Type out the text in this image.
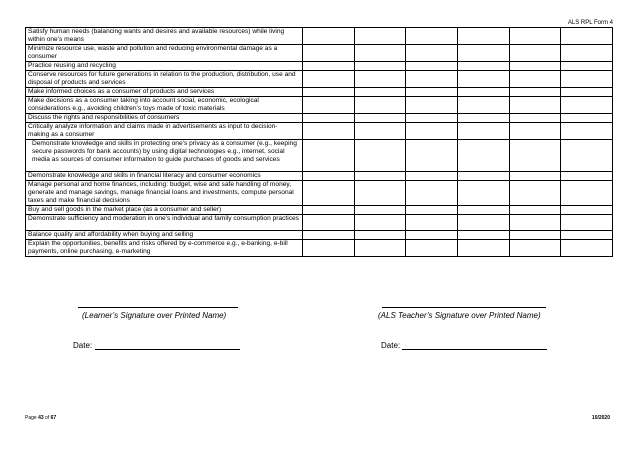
ALS RPL Form 4
Satisfy human needs (balancing wants and desires and available resources) while living within one’s means						
Minimize resource use, waste and pollution and reducing environmental damage as a consumer						
Practice reusing and recycling						
Conserve resources for future generations in relation to the production, distribution, use and disposal of products and services						
Make informed choices as a consumer of products and services						
Make decisions as a consumer taking into account social, economic, ecological considerations e.g., avoiding children’s toys made of toxic materials						
Discuss the rights and responsibilities of consumers						
Critically analyze information and claims made in advertisements as input to decision- making as a consumer						
Demonstrate knowledge and skills in protecting one’s privacy as a consumer (e.g., keeping secure passwords for bank accounts) by using digital technologies e.g., internet, social media as sources of consumer information to guide purchases of goods and services						
Demonstrate knowledge and skills in financial literacy and consumer economics						
Manage personal and home finances, including: budget, wise and safe handling of money, generate and manage savings, manage financial loans and investments, compute personal taxes and make financial decisions						
Buy and sell goods in the market place (as a consumer and seller)						
Demonstrate sufficiency and moderation in one’s individual and family consumption practices						
Balance quality and affordability when buying and selling						
Explain the opportunities, benefits and risks offered by e-commerce e.g., e-banking, e-bill payments, online purchasing, e-marketing						
(Learner’s Signature over Printed Name)	(ALS Teacher’s Signature over Printed Name)
Date:	Date:
Page 43 of 67	10/2020
